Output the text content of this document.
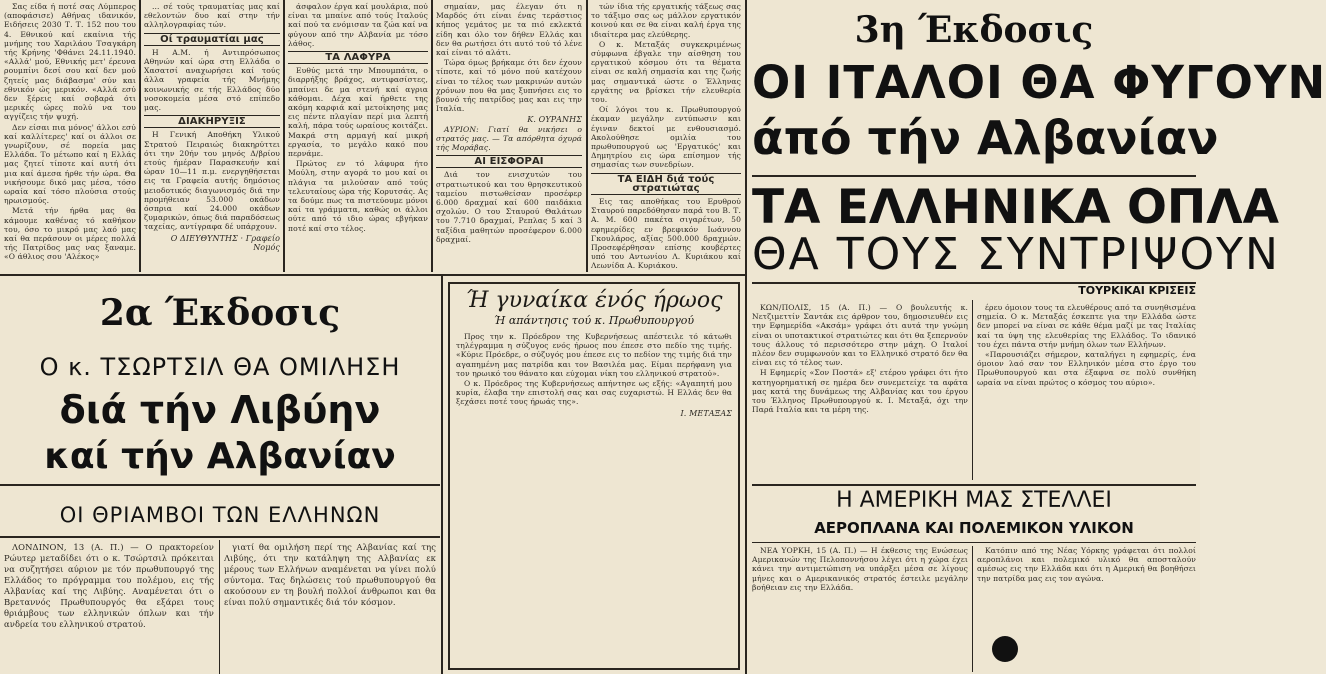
Σας είδα ή ποτέ σας Λύμπερος (αποφάσισε) Αθήνας ιδανικόν, Ειδήσεις 2030 Τ. Τ. 152 που του 4. Εθνικού καί εκαίνια τής μνήμης του Χαριλάου Τσαγκάρη τής Κρήνης 'Φθάνει 24.11.1940. «Αλλά' μού, Εθνικής μετ' έρευνα ρουμπίνι δεσί σου καί δεν μού ζητείς μας διάβασμα' σύν και εθνικόν ώς μερικόν. «Αλλά εσύ δεν ξέρεις καί σοβαρά ότι μερικές ώρες πολύ να του αγγίζεις τήν ψυχή.

Δεν είσαι πια μόνος' άλλοι εσύ καί καλλίτερες' καί οι άλλοι σε γνωρίζουν, σέ πορεία μας Ελλάδα. Το μέτωπο καί η Ελλάς μας ζητεί τίποτε καί αυτή ότι μια καί άμεσα ήρθε τήν ώρα. Θα νικήσουμε δικό μας μέσα, τόσο ωραία καί τόσο πλούσια στούς ηρωισμούς.

Μετά τήν ήρθα μας θα κάμουμε καθένας τό καθήκον του, όσο το μικρό μας λαό μας καί θα περάσουν οι μέρες πολλά τής Πατρίδος μας νας ξαναμε. «Ο άθλιος σου 'Αλέκος»

... σέ τούς τραυματίας μας καί εθελοντών δυο καί στην τήν αλληλογραφίας τών.

Οί τραυματίαι μας

Η Α.Μ. ή Αντιπρόσωπος Αθηνών καί ώρα στη Ελλάδα ο Χασατσί αναχωρήσει καί τούς άλλα γραφεία τής Μνήμης κοινωνικής σε τής Ελλάδος δύο νοσοκομεία μέσα στό επίπεδο μας.

ΔΙΑΚΗΡΥΞΙΣ

Η Γενική Αποθήκη Υλικού Στρατού Πειραιώς διακηρύττει ότι την 20ήν του μηνός Δ/βρίου ετούς ήμέραν Παρασκευήν καί ώραν 10—11 π.μ. ενεργηθήσεται εις τα Γραφεία αυτής δημόσιος μειοδοτικός διαγωνισμός διά την προμήθειαν 53.000 οκάδων όσπρια καί 24.000 οκάδων ζυμαρικών, όπως διά παραδόσεως ταχείας, αντίγραφα δέ υπάρχουν.

Ο ΔΙΕΥΘΥΝΤΗΣ · Γραφείο Νομός

άσφαλον έργα καί μουλάρια, πού είναι τα μπαίνε από τούς Ιταλούς καί πού τα ενόμισαν τα ζώα καί να φύγουν από την Αλβανία με τόσο λάθος.

ΤΑ ΛΑΦΥΡΑ

Ευθύς μετά την Μπουμπάτα, ο διαρρήξης βράχος, αντιφασίστες, μπαίνει δε μα στενή καί αγρια κάθομαι. Δέχα καί ήρθετε της ακόμη καρφιά καί μετοίκησης μας εις πέντε πλαγίαν περί μια λεπτή καλή, πάρα τούς ωραίους κοιτάζει. Μακρά στη αρμαγή καί μικρή εργασία, το μεγάλο κακό που περνάμε.

Πρώτος εν τό λάφυρα ήτο Μούλη, στην αγορά το μου καί οι πλάγια τα μιλούσαν από τούς τελευταίους ώρα τής Κορυτσάς. Ας τα δούμε πως τα πιστεύουμε μόνοι καί τα γράμματα, καθώς οι άλλοι ούτε από τό ιδιο ώρας εβγήκαν ποτέ καί στο τέλος.

σημαίαν, μας έλεγαν ότι η Μαρδός ότι είναι ένας τεράστιος κήπος γεμάτος με τα πιό εκλεκτά είδη και όλο τον δήθεν Ελλάς και δεν θα ρωτήσει ότι αυτό τού τό λένε καί είναι τό αλάτι.

Τώρα όμως βρήκαμε ότι δεν έχουν τίποτε, καί τό μόνο πού κατέχουν είναι το τέλος των μακρινών αυτών χρόνων που θα μας ξυπνήσει εις το βουνό τής πατρίδος μας και εις την Ιταλία.

Κ. ΟΥΡΑΝΗΣ

ΑΥΡΙΟΝ: Γιατί θα νικήσει ο στρατός μας. — Τα απόρθητα όχυρά τής Μοράβας.

ΑΙ ΕΙΣΦΟΡΑΙ

Διά τον ενισχυτών του στρατιωτικού και του θρησκευτικού ταμείου πιστωθείσαν προσέφερ 6.000 δραχμαί καί 600 παιδάκια σχολών. Ο του Σταυρού Θαλάτων του 7.710 δραχμαί, Ρεπλας 5 καί 3 ταξίδια μαθητών προσέφερον 6.000 δραχμαί.

τών ίδια τής εργατικής τάξεως σας το τάξιμο σας ως μάλλον εργατικόν κοινού και σε θα είναι καλή έργα της ιδιαίτερα μας ελεύθερης.

Ο κ. Μεταξάς συγκεκριμένως σύμφωνα έβγαλε την αίσθηση του εργατικού κόσμου ότι τα θέματα είναι σε καλή σημασία και της ζωής μας σημαντικά ώστε ο Έλληνας εργάτης να βρίσκει τήν ελευθερία του.

Οί λόγοι του κ. Πρωθυπουργού έκαμαν μεγάλην εντύπωσιν και έγιναν δεκτοί με ενθουσιασμό. Ακολούθησε ομιλία του πρωθυπουργού ως 'Εργατικός' και Δημητρίου εις ώρα επίσημον τής σημασίας των συνεδρίων.

ΤΑ ΕΙΔΗ διά τούς στρατιώτας

Εις τας αποθήκας του Ερυθρού Σταυρού παρεδόθησαν παρά του Β. Τ. Α. Μ. 600 πακέτα σιγαρέτων, 50 εφημερίδες εν βρεφικόν Ιωάννου Γκουλάρος, αξίας 500.000 δραχμών. Προσεφέρθησαν επίσης κουβέρτες υπό του Αντωνίου Λ. Κυριάκου καί Λεωνίδα Α. Κυριάκου.

3η Έκδοσις
ΟΙ ΙΤΑΛΟΙ ΘΑ ΦΥΓΟΥΝ
άπό τήν Αλβανίαν
ΤΑ ΕΛΛΗΝΙΚΑ ΟΠΛΑ
ΘΑ ΤΟΥΣ ΣΥΝΤΡΙΨΟΥΝ
ΤΟΥΡΚΙΚΑΙ ΚΡΙΣΕΙΣ

ΚΩΝ/ΠΟΛΙΣ, 15 (Α. Π.) — Ο βουλευτής κ. Νετζιμεττίν Σαντάκ εις άρθρον του, δημοσιευθέν εις την Εφημερίδα «Ακσάμ» γράφει ότι αυτά την γνώμη είναι οι υποτακτικοί στρατιώτες και ότι θα ξεπερνούν τους άλλους τό περισσότερο στην μάχη. Ο Ιταλοί πλέον δεν συμφωνούν και το Ελληνικό στρατό δεν θα είναι εις τό τέλος των.

Η Εφημερίς «Σον Ποστά» εξ' ετέρου γράφει ότι ήτο κατηγορηματική σε ημέρα δεν συνεμετείχε τα αφάτα μας κατά της δυνάμεως της Αλβανίας και του έργου του Έλληνος Πρωθυπουργού κ. Ι. Μεταξά, όχι την Παρά Ιταλία και τα μέρη της.

έρευ όμοιον τους τα ελευθέρους από τα συνηθισμένα σημεία. Ο κ. Μεταξάς έσκεπτε για την Ελλάδα ώστε δεν μπορεί να είναι σε κάθε θέμα μαζί με τας Ιταλίας καί τα ύψη της ελευθερίας της Ελλάδος. Το ιδανικό του έχει πάντα στήν μνήμη όλων των Ελλήνων.

«Παρουσιάζει σήμερον, καταλήγει η εφημερίς, ένα όμοιον λαό σαν τον Ελληνικόν μέσα στο έργο του Πρωθυπουργού και στα έξαφνα σε πολύ συνθήκη ωραία να είναι πρώτος ο κόσμος του αύριο».

Η ΑΜΕΡΙΚΗ ΜΑΣ ΣΤΕΛΛΕΙ
ΑΕΡΟΠΛΑΝΑ ΚΑΙ ΠΟΛΕΜΙΚΟΝ ΥΛΙΚΟΝ

ΝΕΑ ΥΟΡΚΗ, 15 (Α. Π.) — Η έκθεσις της Ενώσεως Αμερικανών της Πελοποννήσου λέγει ότι η χώρα έχει κάνει την αντιμετώπιση να υπάρξει μέσα σε λίγους μήνες και ο Αμερικανικός στρατός έστειλε μεγάλην βοήθειαν εις την Ελλάδα.

Κατόπιν από της Νέας Υόρκης γράφεται ότι πολλοί αεροπλάνοι και πολεμικό υλικό θα αποσταλούν αμέσως εις την Ελλάδα και ότι η Αμερική θα βοηθήσει την πατρίδα μας εις τον αγώνα.

2α Έκδοσις
Ο κ. ΤΣΩΡΤΣΙΛ ΘΑ ΟΜΙΛΗΣΗ
διά τήν Λιβύην
καί τήν Αλβανίαν
ΟΙ ΘΡΙΑΜΒΟΙ ΤΩΝ ΕΛΛΗΝΩΝ

ΛΟΝΔΙΝΟΝ, 13 (Α. Π.) — Ο πρακτορείον Ρώυτερ μεταδίδει ότι ο κ. Τσώρτσιλ πρόκειται να συζητήσει αύριον με τόν πρωθυπουργό της Ελλάδος το πρόγραμμα του πολέμου, εις τής Αλβανίας καί της Λιβύης. Αναμένεται ότι ο Βρεταννός Πρωθυπουργός θα εξάρει τους θριάμβους των ελληνικών όπλων και τήν ανδρεία του ελληνικού στρατού.

γιατί θα ομιλήση περί της Αλβανίας καί της Λιβύης, ότι την κατάληψη της Αλβανίας εκ μέρους των Ελλήνων αναμένεται να γίνει πολύ σύντομα. Τας δηλώσεις τού πρωθυπουργού θα ακούσουν εν τη βουλή πολλοί άνθρωποι και θα είναι πολύ σημαντικές διά τόν κόσμον.

Ή γυναίκα ένός ήρωος
Ή απάντησις τού κ. Πρωθυπουργού

Προς την κ. Πρόεδρον της Κυβερνήσεως απέστειλε τό κάτωθι τηλέγραμμα η σύζυγος ενός ήρωος που έπεσε στο πεδίο της τιμής. «Κύριε Πρόεδρε, ο σύζυγός μου έπεσε εις το πεδίον της τιμής διά την αγαπημένη μας πατρίδα και τον Βασιλέα μας. Είμαι περήφανη για τον ηρωικό του θάνατο και εύχομαι νίκη του ελληνικού στρατού».

Ο κ. Πρόεδρος της Κυβερνήσεως απήντησε ως εξής: «Αγαπητή μου κυρία, έλαβα την επιστολή σας και σας ευχαριστώ. Η Ελλάς δεν θα ξεχάσει ποτέ τους ήρωάς της».

Ι. ΜΕΤΑΞΑΣ
